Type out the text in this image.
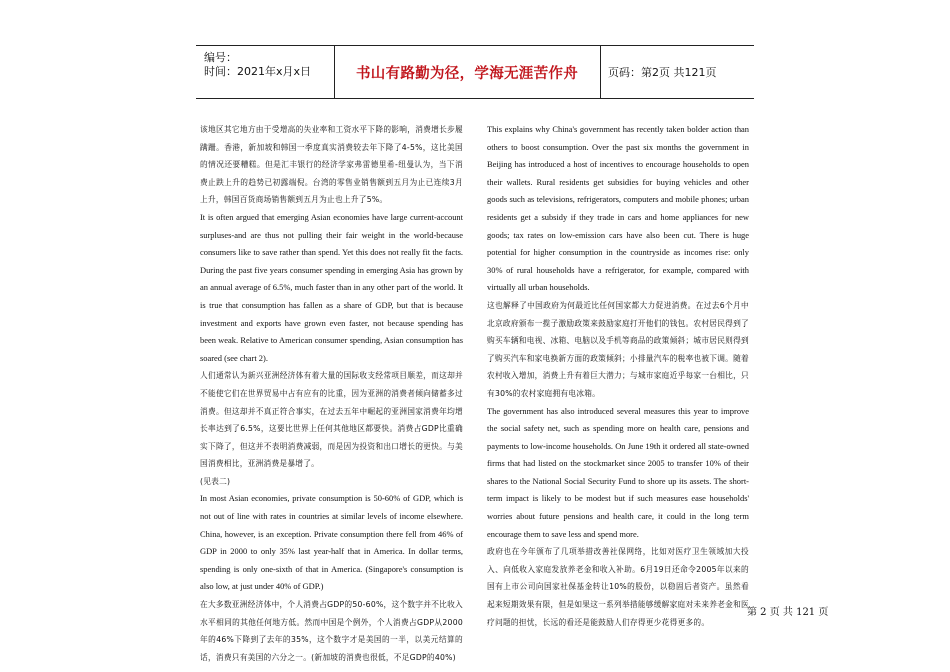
编号：
时间：2021年x月x日	书山有路勤为径，学海无涯苦作舟	页码：第2页 共121页

该地区其它地方由于受增高的失业率和工资水平下降的影响，消费增长步履蹒跚。香港，新加坡和韩国一季度真实消费较去年下降了4-5%，这比美国的情况还要糟糕。但是汇丰银行的经济学家弗雷德里希-纽曼认为，当下消费止跌上升的趋势已初露端倪。台湾的零售业销售额到五月为止已连续3月上升，韩国百货商场销售额到五月为止也上升了5%。

It is often argued that emerging Asian economies have large current-account surpluses-and are thus not pulling their fair weight in the world-because consumers like to save rather than spend. Yet this does not really fit the facts. During the past five years consumer spending in emerging Asia has grown by an annual average of 6.5%, much faster than in any other part of the world. It is true that consumption has fallen as a share of GDP, but that is because investment and exports have grown even faster, not because spending has been weak. Relative to American consumer spending, Asian consumption has soared (see chart 2).

人们通常认为新兴亚洲经济体有着大量的国际收支经常项目顺差，而这却并不能使它们在世界贸易中占有应有的比重，因为亚洲的消费者倾向储蓄多过消费。但这却并不真正符合事实，在过去五年中崛起的亚洲国家消费年均增长率达到了6.5%，这要比世界上任何其他地区都要快。消费占GDP比重确实下降了，但这并不表明消费减弱，而是因为投资和出口增长的更快。与美国消费相比，亚洲消费是暴增了。

(见表二)

In most Asian economies, private consumption is 50-60% of GDP, which is not out of line with rates in countries at similar levels of income elsewhere. China, however, is an exception. Private consumption there fell from 46% of GDP in 2000 to only 35% last year-half that in America. In dollar terms, spending is only one-sixth of that in America. (Singapore's consumption is also low, at just under 40% of GDP.)

在大多数亚洲经济体中，个人消费占GDP的50-60%，这个数字并不比收入水平相同的其他任何地方低。然而中国是个例外，个人消费占GDP从2000年的46%下降到了去年的35%，这个数字才是美国的一半，以美元结算的话，消费只有美国的六分之一。(新加坡的消费也很低，不足GDP的40%)

This explains why China's government has recently taken bolder action than others to boost consumption. Over the past six months the government in Beijing has introduced a host of incentives to encourage households to open their wallets. Rural residents get subsidies for buying vehicles and other goods such as televisions, refrigerators, computers and mobile phones; urban residents get a subsidy if they trade in cars and home appliances for new goods; tax rates on low-emission cars have also been cut. There is huge potential for higher consumption in the countryside as incomes rise: only 30% of rural households have a refrigerator, for example, compared with virtually all urban households.

这也解释了中国政府为何最近比任何国家都大力促进消费。在过去6个月中北京政府颁布一揽子激励政策来鼓励家庭打开他们的钱包。农村居民得到了购买车辆和电视、冰箱、电脑以及手机等商品的政策倾斜；城市居民则得到了购买汽车和家电换新方面的政策倾斜；小排量汽车的税率也被下调。随着农村收入增加，消费上升有着巨大潜力；与城市家庭近乎每家一台相比，只有30%的农村家庭拥有电冰箱。

The government has also introduced several measures this year to improve the social safety net, such as spending more on health care, pensions and payments to low-income households. On June 19th it ordered all state-owned firms that had listed on the stockmarket since 2005 to transfer 10% of their shares to the National Social Security Fund to shore up its assets. The short-term impact is likely to be modest but if such measures ease households' worries about future pensions and health care, it could in the long term encourage them to save less and spend more.

政府也在今年颁布了几项举措改善社保网络，比如对医疗卫生领域加大投入、向低收入家庭发放养老金和收入补助。6月19日还命令2005年以来的国有上市公司向国家社保基金转让10%的股份，以稳固后者资产。虽然看起来短期效果有限，但是如果这一系列举措能够缓解家庭对未来养老金和医疗问题的担忧，长远的看还是能鼓励人们存得更少花得更多的。

第 2 页 共 121 页
